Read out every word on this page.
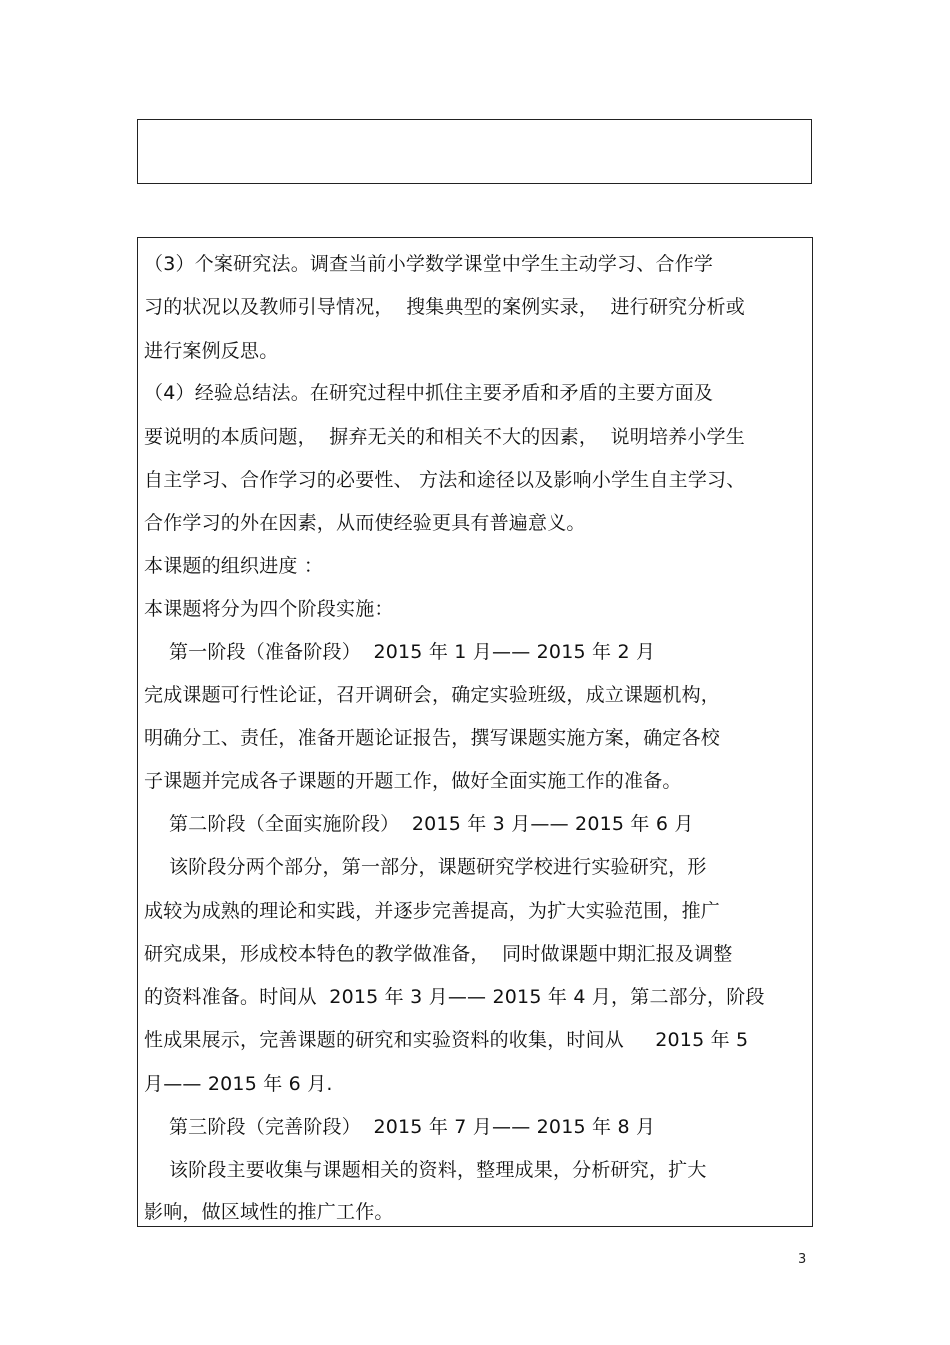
（3）个案研究法。调查当前小学数学课堂中学生主动学习、合作学
习的状况以及教师引导情况，  搜集典型的案例实录，  进行研究分析或
进行案例反思。
（4）经验总结法。在研究过程中抓住主要矛盾和矛盾的主要方面及
要说明的本质问题，  摒弃无关的和相关不大的因素，  说明培养小学生
自主学习、合作学习的必要性、 方法和途径以及影响小学生自主学习、
合作学习的外在因素，从而使经验更具有普遍意义。
本课题的组织进度 ：
本课题将分为四个阶段实施：
第一阶段（准备阶段）  2015 年 1 月—— 2015 年 2 月
完成课题可行性论证，召开调研会，确定实验班级，成立课题机构，
明确分工、责任，准备开题论证报告，撰写课题实施方案，确定各校
子课题并完成各子课题的开题工作，做好全面实施工作的准备。
第二阶段（全面实施阶段）  2015 年 3 月—— 2015 年 6 月
该阶段分两个部分，第一部分，课题研究学校进行实验研究，形
成较为成熟的理论和实践，并逐步完善提高，为扩大实验范围，推广
研究成果，形成校本特色的教学做准备，  同时做课题中期汇报及调整
的资料准备。时间从  2015 年 3 月—— 2015 年 4 月，第二部分，阶段
性成果展示，完善课题的研究和实验资料的收集，时间从     2015 年 5
月—— 2015 年 6 月.
第三阶段（完善阶段）  2015 年 7 月—— 2015 年 8 月
该阶段主要收集与课题相关的资料，整理成果，分析研究，扩大
影响，做区域性的推广工作。
3
